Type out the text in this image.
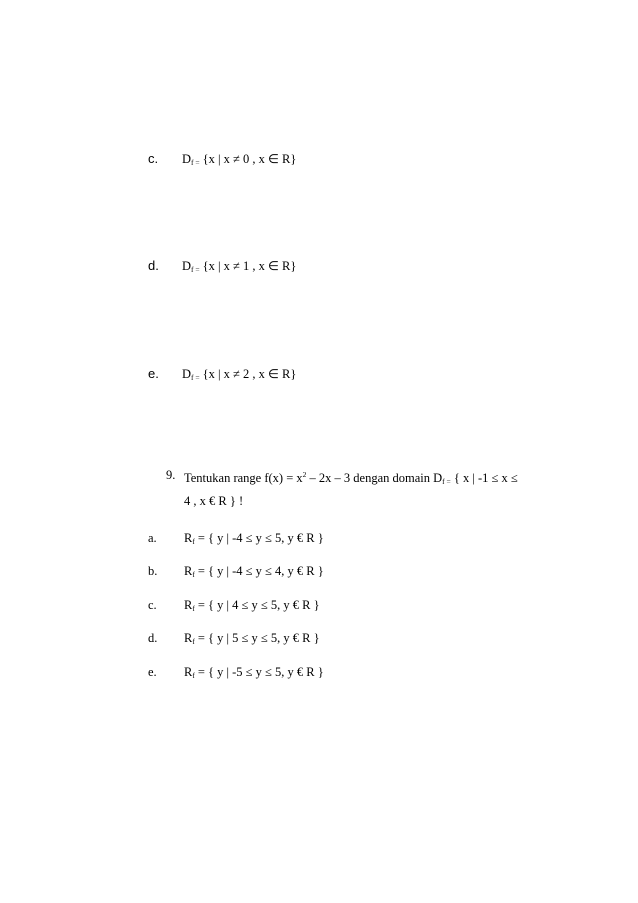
c. $D_{f =}$ {x | x ≠ 0 , x ∈ R}
d. $D_{f =}$ {x | x ≠ 1 , x ∈ R}
e. $D_{f =}$ {x | x ≠ 2 , x ∈ R}
9. Tentukan range $f(x) = x^2 - 2x - 3$ dengan domain $D_{f =}$ { x | -1 ≤ x ≤
4 , x € R } !
a. $R_f$ = { y | -4 ≤ y ≤ 5, y € R }
b. $R_f$ = { y | -4 ≤ y ≤ 4, y € R }
c. $R_f$ = { y | 4 ≤ y ≤ 5, y € R }
d. $R_f$ = { y | 5 ≤ y ≤ 5, y € R }
e. $R_f$ = { y | -5 ≤ y ≤ 5, y € R }
